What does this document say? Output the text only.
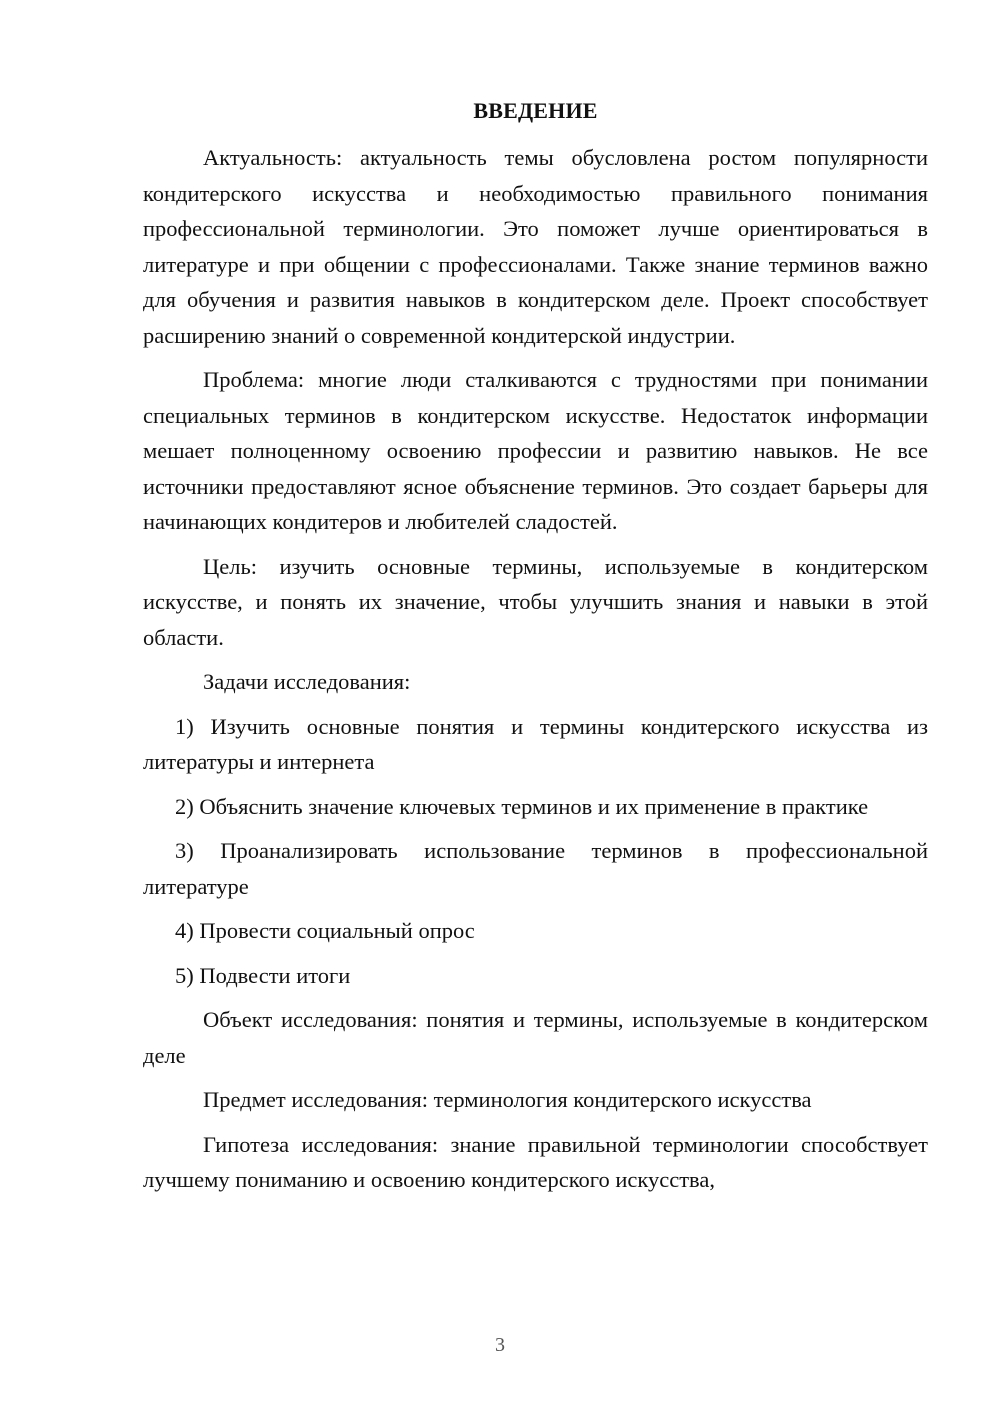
ВВЕДЕНИЕ

Актуальность: актуальность темы обусловлена ростом популярности кондитерского искусства и необходимостью правильного понимания профессиональной терминологии. Это поможет лучше ориентироваться в литературе и при общении с профессионалами. Также знание терминов важно для обучения и развития навыков в кондитерском деле. Проект способствует расширению знаний о современной кондитерской индустрии.

Проблема: многие люди сталкиваются с трудностями при понимании специальных терминов в кондитерском искусстве. Недостаток информации мешает полноценному освоению профессии и развитию навыков. Не все источники предоставляют ясное объяснение терминов. Это создает барьеры для начинающих кондитеров и любителей сладостей.

Цель: изучить основные термины, используемые в кондитерском искусстве, и понять их значение, чтобы улучшить знания и навыки в этой области.

Задачи исследования:

1) Изучить основные понятия и термины кондитерского искусства из литературы и интернета

2) Объяснить значение ключевых терминов и их применение в практике

3) Проанализировать использование терминов в профессиональной литературе

4) Провести социальный опрос

5) Подвести итоги

Объект исследования: понятия и термины, используемые в кондитерском деле

Предмет исследования: терминология кондитерского искусства

Гипотеза исследования: знание правильной терминологии способствует лучшему пониманию и освоению кондитерского искусства,

3
